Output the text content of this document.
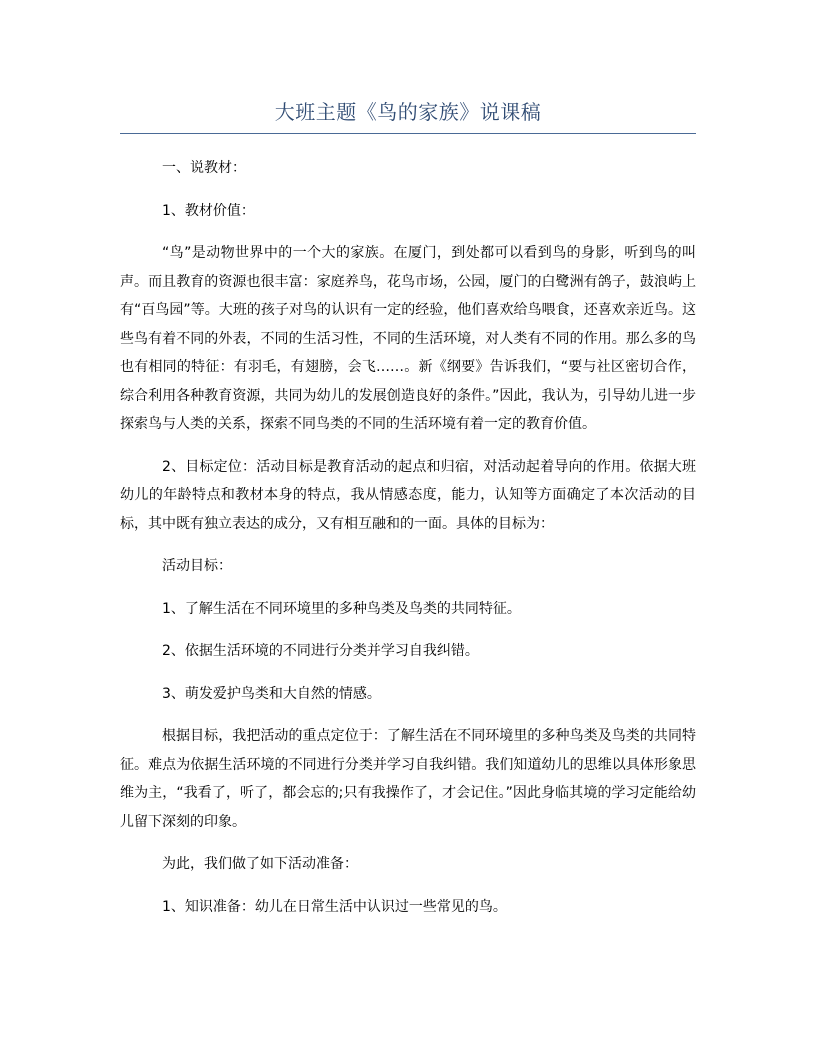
大班主题《鸟的家族》说课稿

一、说教材：

1、教材价值：

“鸟”是动物世界中的一个大的家族。在厦门，到处都可以看到鸟的身影，听到鸟的叫声。而且教育的资源也很丰富：家庭养鸟，花鸟市场，公园，厦门的白鹭洲有鸽子，鼓浪屿上有“百鸟园”等。大班的孩子对鸟的认识有一定的经验，他们喜欢给鸟喂食，还喜欢亲近鸟。这些鸟有着不同的外表，不同的生活习性，不同的生活环境，对人类有不同的作用。那么多的鸟也有相同的特征：有羽毛，有翅膀，会飞……。新《纲要》告诉我们，“要与社区密切合作，综合利用各种教育资源，共同为幼儿的发展创造良好的条件。”因此，我认为，引导幼儿进一步探索鸟与人类的关系，探索不同鸟类的不同的生活环境有着一定的教育价值。

2、目标定位：活动目标是教育活动的起点和归宿，对活动起着导向的作用。依据大班幼儿的年龄特点和教材本身的特点，我从情感态度，能力，认知等方面确定了本次活动的目标，其中既有独立表达的成分，又有相互融和的一面。具体的目标为：

活动目标：

1、了解生活在不同环境里的多种鸟类及鸟类的共同特征。

2、依据生活环境的不同进行分类并学习自我纠错。

3、萌发爱护鸟类和大自然的情感。

根据目标，我把活动的重点定位于：了解生活在不同环境里的多种鸟类及鸟类的共同特征。难点为依据生活环境的不同进行分类并学习自我纠错。我们知道幼儿的思维以具体形象思维为主，“我看了，听了，都会忘的;只有我操作了，才会记住。”因此身临其境的学习定能给幼儿留下深刻的印象。

为此，我们做了如下活动准备：

1、知识准备：幼儿在日常生活中认识过一些常见的鸟。
